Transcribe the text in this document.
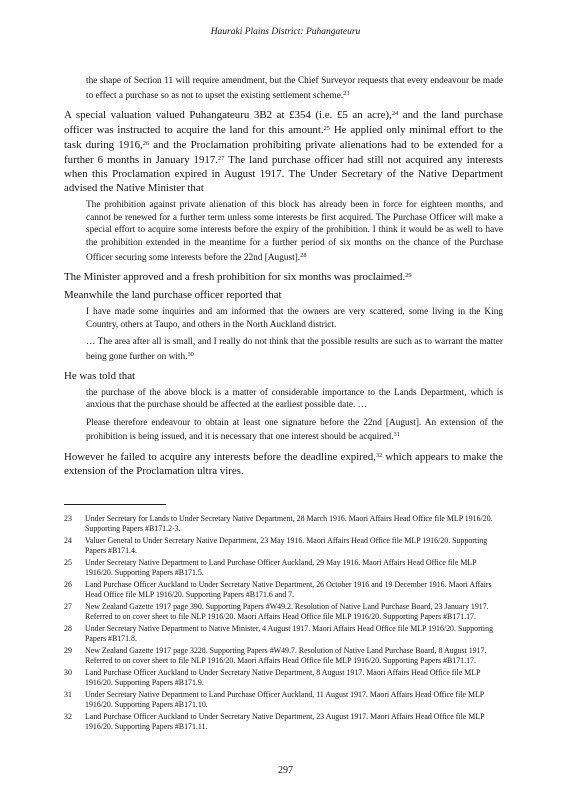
Hauraki Plains District: Puhangateuru

the shape of Section 11 will require amendment, but the Chief Surveyor requests that every endeavour be made to effect a purchase so as not to upset the existing settlement scheme.$^{23}$

A special valuation valued Puhangateuru 3B2 at £354 (i.e. £5 an acre),$^{24}$ and the land purchase officer was instructed to acquire the land for this amount.$^{25}$ He applied only minimal effort to the task during 1916,26 and the Proclamation prohibiting private alienations had to be extended for a further 6 months in January 1917.27 The land purchase officer had still not acquired any interests when this Proclamation expired in August 1917. The Under Secretary of the Native Department advised the Native Minister that

The prohibition against private alienation of this block has already been in force for eighteen months, and cannot be renewed for a further term unless some interests be first acquired. The Purchase Officer will make a special effort to acquire some interests before the expiry of the prohibition. I think it would be as well to have the prohibition extended in the meantime for a further period of six months on the chance of the Purchase Officer securing some interests before the 22nd [August].$^{28}$

The Minister approved and a fresh prohibition for six months was proclaimed.$^{29}$

Meanwhile the land purchase officer reported that

I have made some inquiries and am informed that the owners are very scattered, some living in the King Country, others at Taupo, and others in the North Auckland district.

… The area after all is small, and I really do not think that the possible results are such as to warrant the matter being gone further on with.$^{30}$

He was told that

the purchase of the above block is a matter of considerable importance to the Lands Department, which is anxious that the purchase should be affected at the earliest possible date. …

Please therefore endeavour to obtain at least one signature before the 22nd [August]. An extension of the prohibition is being issued, and it is necessary that one interest should be acquired.$^{31}$

However he failed to acquire any interests before the deadline expired,$^{32}$ which appears to make the extension of the Proclamation ultra vires.

23	Under Secretary for Lands to Under Secretary Native Department, 28 March 1916. Maori Affairs Head Office file MLP 1916/20. Supporting Papers #B171.2-3.
24	Valuer General to Under Secretary Native Department, 23 May 1916. Maori Affairs Head Office file MLP 1916/20. Supporting Papers #B171.4.
25	Under Secretary Native Department to Land Purchase Officer Auckland, 29 May 1916. Maori Affairs Head Office file MLP 1916/20. Supporting Papers #B171.5.
26	Land Purchase Officer Auckland to Under Secretary Native Department, 26 October 1916 and 19 December 1916. Maori Affairs Head Office file MLP 1916/20. Supporting Papers #B171.6 and 7.
27	New Zealand Gazette 1917 page 390. Supporting Papers #W49.2. Resolution of Native Land Purchase Board, 23 January 1917. Referred to on cover sheet to file NLP 1916/20. Maori Affairs Head Office file MLP 1916/20. Supporting Papers #B171.17.
28	Under Secretary Native Department to Native Minister, 4 August 1917. Maori Affairs Head Office file MLP 1916/20. Supporting Papers #B171.8.
29	New Zealand Gazette 1917 page 3228. Supporting Papers #W49.7. Resolution of Native Land Purchase Board, 8 August 1917. Referred to on cover sheet to file NLP 1916/20. Maori Affairs Head Office file MLP 1916/20. Supporting Papers #B171.17.
30	Land Purchase Officer Auckland to Under Secretary Native Department, 8 August 1917. Maori Affairs Head Office file MLP 1916/20. Supporting Papers #B171.9.
31	Under Secretary Native Department to Land Purchase Officer Auckland, 11 August 1917. Maori Affairs Head Office file MLP 1916/20. Supporting Papers #B171.10.
32	Land Purchase Officer Auckland to Under Secretary Native Department, 23 August 1917. Maori Affairs Head Office file MLP 1916/20. Supporting Papers #B171.11.
297
